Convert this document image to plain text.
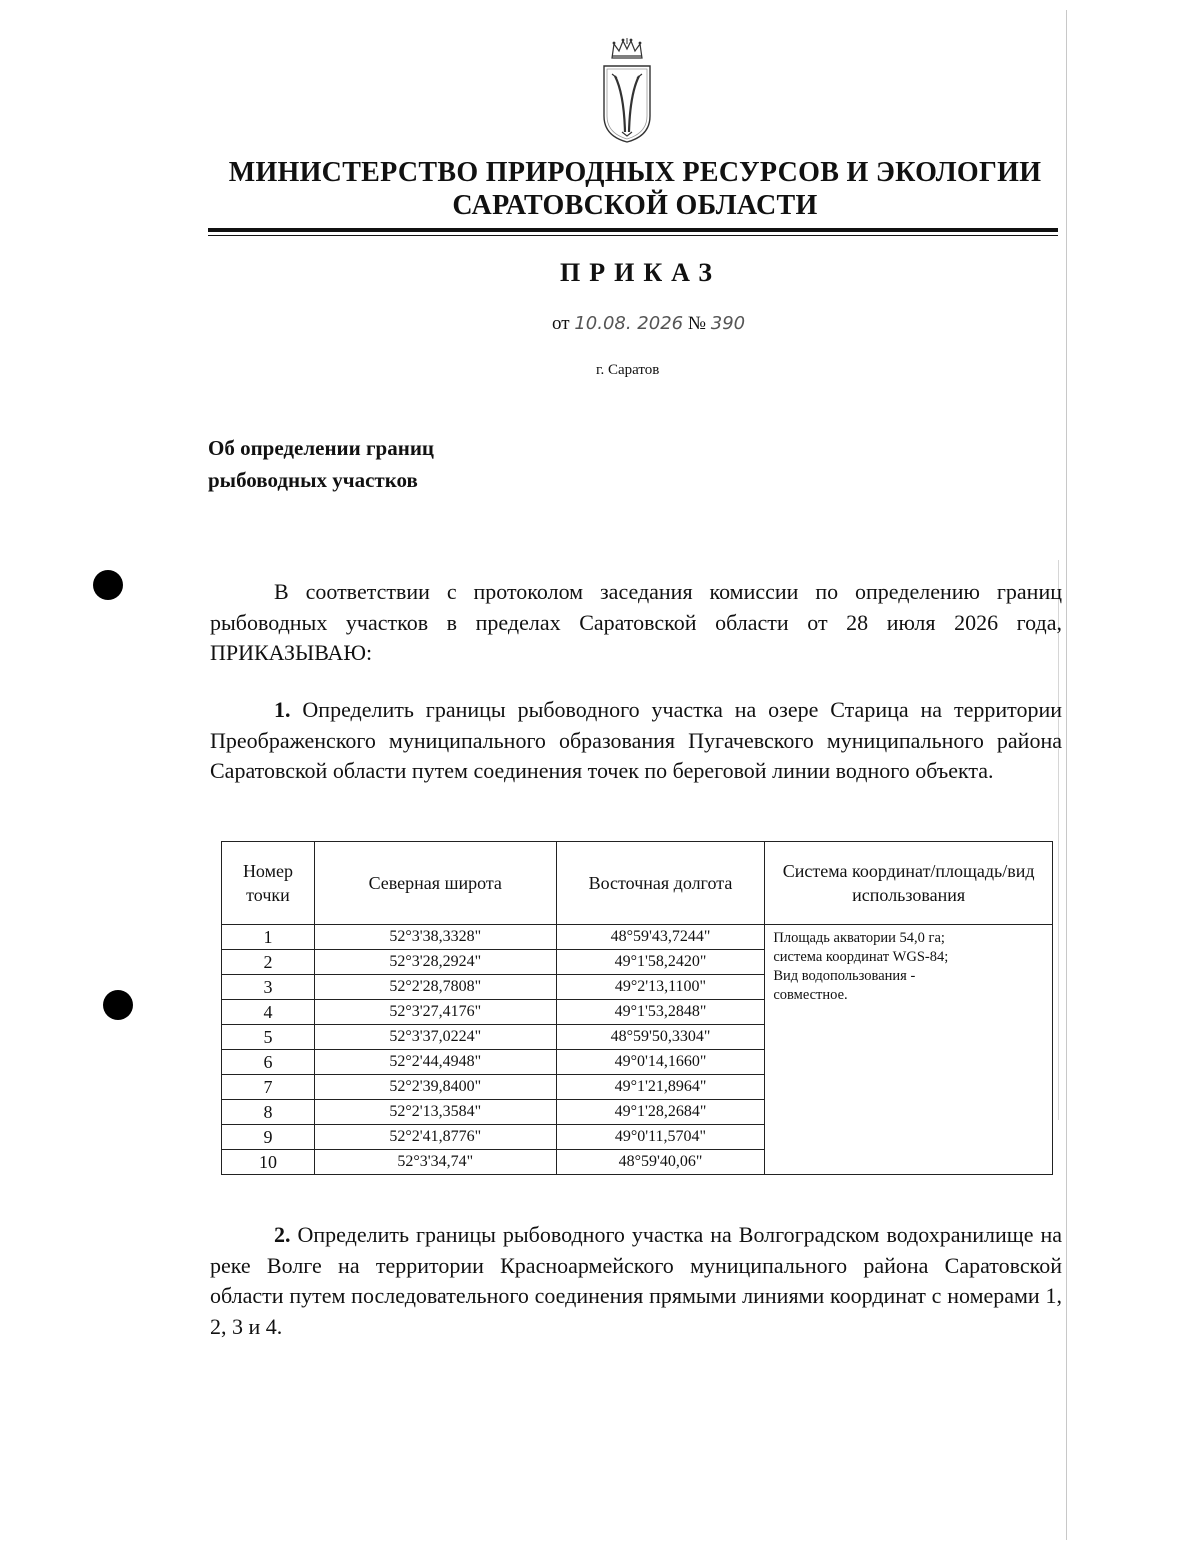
МИНИСТЕРСТВО ПРИРОДНЫХ РЕСУРСОВ И ЭКОЛОГИИ
САРАТОВСКОЙ ОБЛАСТИ
ПРИКАЗ
от 10.08. 2026 № 390
г. Саратов
Об определении границ
рыбоводных участков
В соответствии с протоколом заседания комиссии по определению границ рыбоводных участков в пределах Саратовской области от 28 июля 2026 года, ПРИКАЗЫВАЮ:
1. Определить границы рыбоводного участка на озере Старица на территории Преображенского муниципального образования Пугачевского муниципального района Саратовской области путем соединения точек по береговой линии водного объекта.
Номер точки	Северная широта	Восточная долгота	Система координат/площадь/вид использования
1	52°3'38,3328"	48°59'43,7244"	Площадь акватории 54,0 га;
система координат WGS-84;
Вид водопользования -
совместное.

2	52°3'28,2924"	49°1'58,2420"	
3	52°2'28,7808"	49°2'13,1100"	
4	52°3'27,4176"	49°1'53,2848"	
5	52°3'37,0224"	48°59'50,3304"	
6	52°2'44,4948"	49°0'14,1660"	
7	52°2'39,8400"	49°1'21,8964"	
8	52°2'13,3584"	49°1'28,2684"	
9	52°2'41,8776"	49°0'11,5704"	
10	52°3'34,74"	48°59'40,06"	
2. Определить границы рыбоводного участка на Волгоградском водохранилище на реке Волге на территории Красноармейского муниципального района Саратовской области путем последовательного соединения прямыми линиями координат с номерами 1, 2, 3 и 4.
